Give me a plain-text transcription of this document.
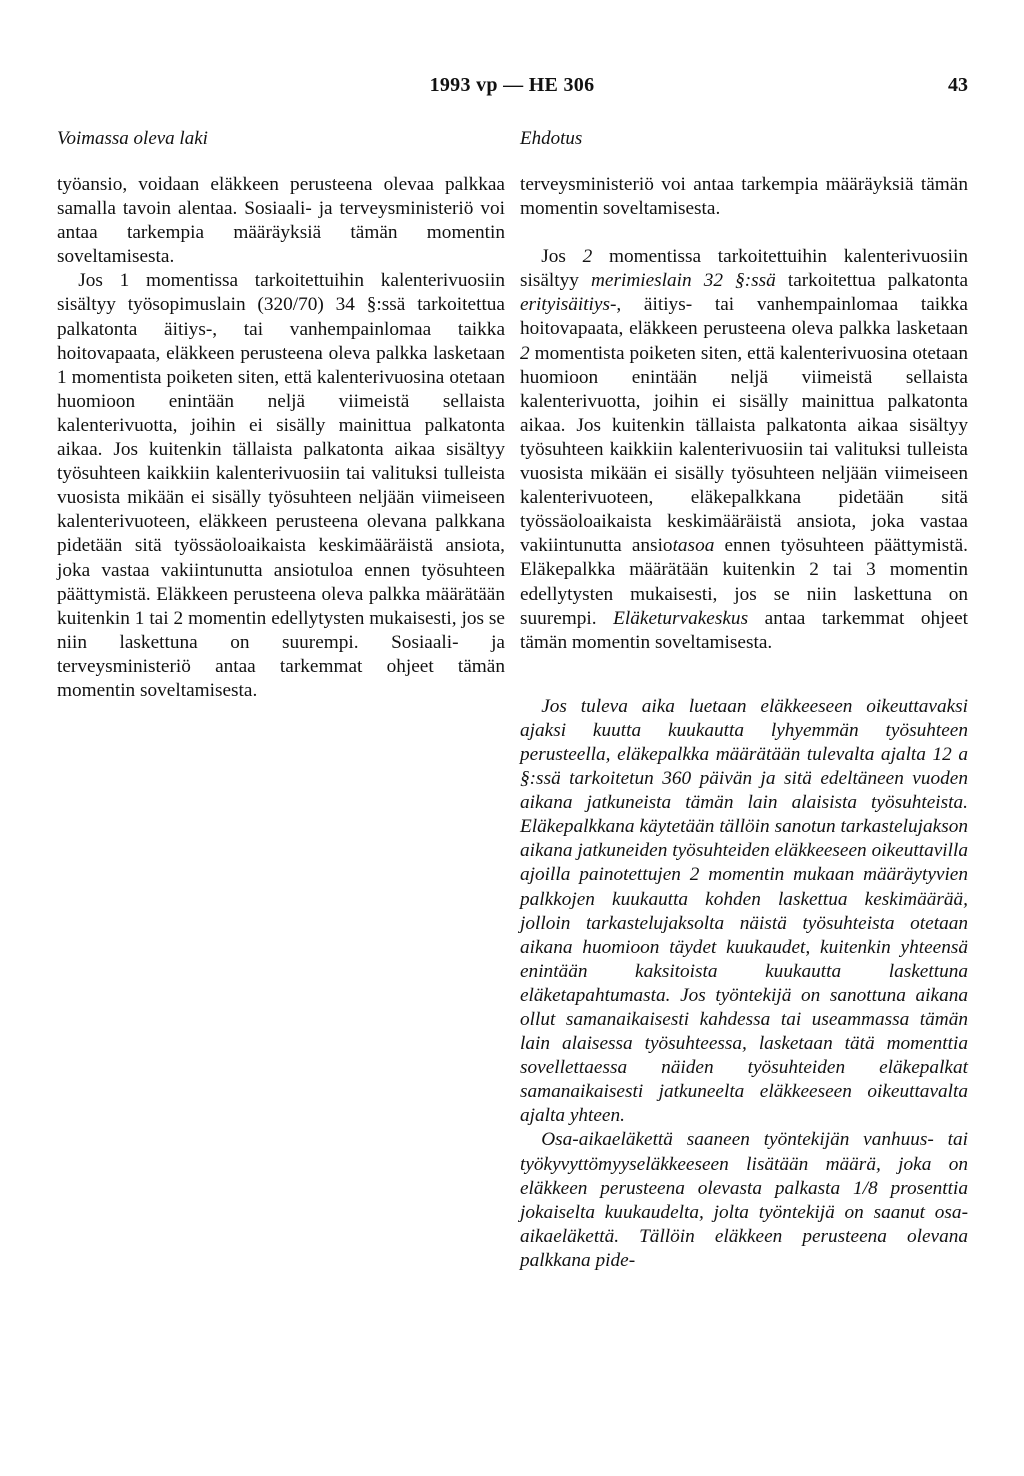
1993 vp — HE 306	43
Voimassa oleva laki	Ehdotus

työansio, voidaan eläkkeen perusteena olevaa palkkaa samalla tavoin alentaa. Sosiaali- ja terveysministeriö voi antaa tarkempia määräyksiä tämän momentin soveltamisesta.

Jos 1 momentissa tarkoitettuihin kalenterivuosiin sisältyy työsopimuslain (320/70) 34 §:ssä tarkoitettua palkatonta äitiys-, tai vanhempainlomaa taikka hoitovapaata, eläkkeen perusteena oleva palkka lasketaan 1 momentista poiketen siten, että kalenterivuosina otetaan huomioon enintään neljä viimeistä sellaista kalenterivuotta, joihin ei sisälly mainittua palkatonta aikaa. Jos kuitenkin tällaista palkatonta aikaa sisältyy työsuhteen kaikkiin kalenterivuosiin tai valituksi tulleista vuosista mikään ei sisälly työsuhteen neljään viimeiseen kalenterivuoteen, eläkkeen perusteena olevana palkkana pidetään sitä työssäoloaikaista keskimääräistä ansiota, joka vastaa vakiintunutta ansiotuloa ennen työsuhteen päättymistä. Eläkkeen perusteena oleva palkka määrätään kuitenkin 1 tai 2 momentin edellytysten mukaisesti, jos se niin laskettuna on suurempi. Sosiaali- ja terveysministeriö antaa tarkemmat ohjeet tämän momentin soveltamisesta.

terveysministeriö voi antaa tarkempia määräyksiä tämän momentin soveltamisesta.

Jos 2 momentissa tarkoitettuihin kalenterivuosiin sisältyy merimieslain 32 §:ssä tarkoitettua palkatonta erityisäitiys-, äitiys- tai vanhempainlomaa taikka hoitovapaata, eläkkeen perusteena oleva palkka lasketaan 2 momentista poiketen siten, että kalenterivuosina otetaan huomioon enintään neljä viimeistä sellaista kalenterivuotta, joihin ei sisälly mainittua palkatonta aikaa. Jos kuitenkin tällaista palkatonta aikaa sisältyy työsuhteen kaikkiin kalenterivuosiin tai valituksi tulleista vuosista mikään ei sisälly työsuhteen neljään viimeiseen kalenterivuoteen, eläkepalkkana pidetään sitä työssäoloaikaista keskimääräistä ansiota, joka vastaa vakiintunutta ansiotasoa ennen työsuhteen päättymistä. Eläkepalkka määrätään kuitenkin 2 tai 3 momentin edellytysten mukaisesti, jos se niin laskettuna on suurempi. Eläketurvakeskus antaa tarkemmat ohjeet tämän momentin soveltamisesta.

Jos tuleva aika luetaan eläkkeeseen oikeuttavaksi ajaksi kuutta kuukautta lyhyemmän työsuhteen perusteella, eläkepalkka määrätään tulevalta ajalta 12 a §:ssä tarkoitetun 360 päivän ja sitä edeltäneen vuoden aikana jatkuneista tämän lain alaisista työsuhteista. Eläkepalkkana käytetään tällöin sanotun tarkastelujakson aikana jatkuneiden työsuhteiden eläkkeeseen oikeuttavilla ajoilla painotettujen 2 momentin mukaan määräytyvien palkkojen kuukautta kohden laskettua keskimäärää, jolloin tarkastelujaksolta näistä työsuhteista otetaan aikana huomioon täydet kuukaudet, kuitenkin yhteensä enintään kaksitoista kuukautta laskettuna eläketapahtumasta. Jos työntekijä on sanottuna aikana ollut samanaikaisesti kahdessa tai useammassa tämän lain alaisessa työsuhteessa, lasketaan tätä momenttia sovellettaessa näiden työsuhteiden eläkepalkat samanaikaisesti jatkuneelta eläkkeeseen oikeuttavalta ajalta yhteen.

Osa-aikaeläkettä saaneen työntekijän vanhuus- tai työkyvyttömyyseläkkeeseen lisätään määrä, joka on eläkkeen perusteena olevasta palkasta 1/8 prosenttia jokaiselta kuukaudelta, jolta työntekijä on saanut osa-aikaeläkettä. Tällöin eläkkeen perusteena olevana palkkana pide-
